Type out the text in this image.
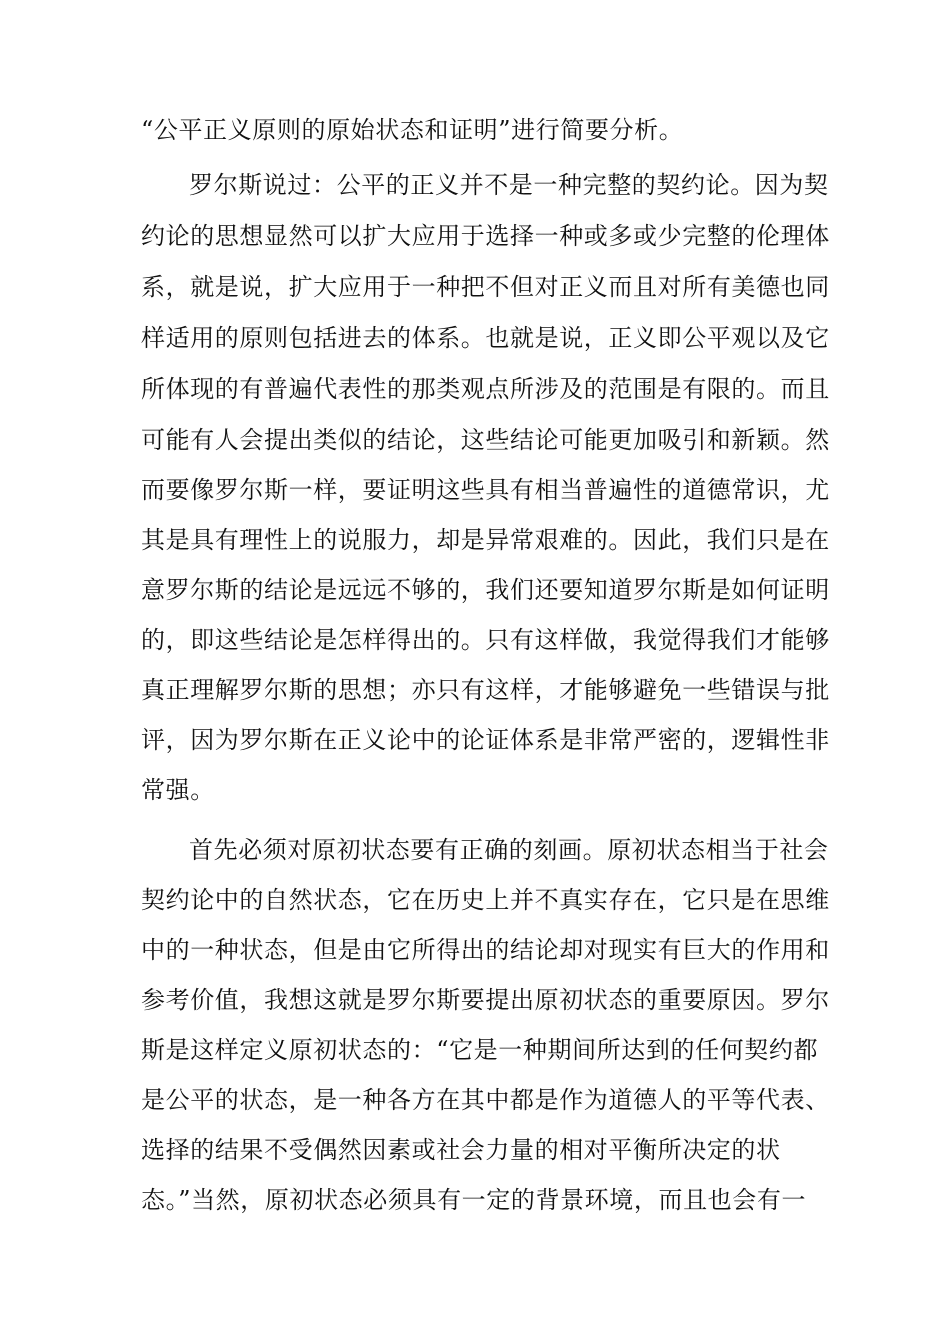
“公平正义原则的原始状态和证明”进行简要分析。
罗尔斯说过：公平的正义并不是一种完整的契约论。因为契
约论的思想显然可以扩大应用于选择一种或多或少完整的伦理体
系，就是说，扩大应用于一种把不但对正义而且对所有美德也同
样适用的原则包括进去的体系。也就是说，正义即公平观以及它
所体现的有普遍代表性的那类观点所涉及的范围是有限的。而且
可能有人会提出类似的结论，这些结论可能更加吸引和新颖。然
而要像罗尔斯一样，要证明这些具有相当普遍性的道德常识，尤
其是具有理性上的说服力，却是异常艰难的。因此，我们只是在
意罗尔斯的结论是远远不够的，我们还要知道罗尔斯是如何证明
的，即这些结论是怎样得出的。只有这样做，我觉得我们才能够
真正理解罗尔斯的思想；亦只有这样，才能够避免一些错误与批
评，因为罗尔斯在正义论中的论证体系是非常严密的，逻辑性非
常强。
首先必须对原初状态要有正确的刻画。原初状态相当于社会
契约论中的自然状态，它在历史上并不真实存在，它只是在思维
中的一种状态，但是由它所得出的结论却对现实有巨大的作用和
参考价值，我想这就是罗尔斯要提出原初状态的重要原因。罗尔
斯是这样定义原初状态的：“它是一种期间所达到的任何契约都
是公平的状态，是一种各方在其中都是作为道德人的平等代表、
选择的结果不受偶然因素或社会力量的相对平衡所决定的状
态。”当然，原初状态必须具有一定的背景环境，而且也会有一
